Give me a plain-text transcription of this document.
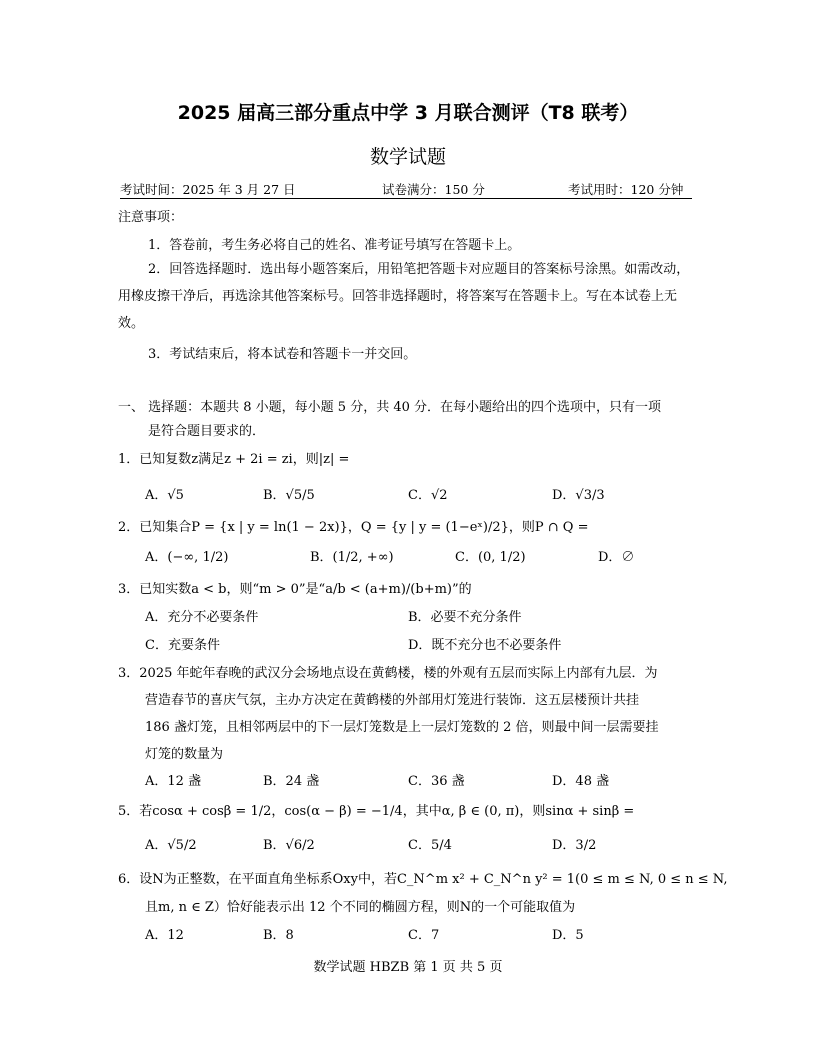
2025 届高三部分重点中学 3 月联合测评（T8 联考）
数学试题
考试时间：2025 年 3 月 27 日	试卷满分：150 分	考试用时：120 分钟
注意事项：
1．答卷前，考生务必将自己的姓名、准考证号填写在答题卡上。
2．回答选择题时．选出每小题答案后，用铅笔把答题卡对应题目的答案标号涂黑。如需改动，用橡皮擦干净后，再选涂其他答案标号。回答非选择题时，将答案写在答题卡上。写在本试卷上无效。
3．考试结束后，将本试卷和答题卡一并交回。
一、 选择题：本题共 8 小题，每小题 5 分，共 40 分．在每小题给出的四个选项中，只有一项
是符合题目要求的．
1．已知复数z满足z + 2i = zi，则|z| =
A．√5	B．√5/5	C．√2	D．√3/3
2．已知集合P = {x | y = ln(1 − 2x)}，Q = {y | y = (1−eˣ)/2}，则P ∩ Q =
A．(−∞, 1/2)	B．(1/2, +∞)	C．(0, 1/2)	D．∅
3．已知实数a < b，则“m > 0”是“a/b < (a+m)/(b+m)”的
A．充分不必要条件	B．必要不充分条件
C．充要条件	D．既不充分也不必要条件
3．2025 年蛇年春晚的武汉分会场地点设在黄鹤楼，楼的外观有五层而实际上内部有九层．为
营造春节的喜庆气氛，主办方决定在黄鹤楼的外部用灯笼进行装饰．这五层楼预计共挂
186 盏灯笼，且相邻两层中的下一层灯笼数是上一层灯笼数的 2 倍，则最中间一层需要挂
灯笼的数量为
A．12 盏	B．24 盏	C．36 盏	D．48 盏
5．若cosα + cosβ = 1/2，cos(α − β) = −1/4，其中α, β ∈ (0, π)，则sinα + sinβ =
A．√5/2	B．√6/2	C．5/4	D．3/2
6．设N为正整数，在平面直角坐标系Oxy中，若C_N^m x² + C_N^n y² = 1(0 ≤ m ≤ N, 0 ≤ n ≤ N,
且m, n ∈ Z）恰好能表示出 12 个不同的椭圆方程，则N的一个可能取值为
A．12	B．8	C．7	D．5
数学试题 HBZB 第 1 页 共 5 页
